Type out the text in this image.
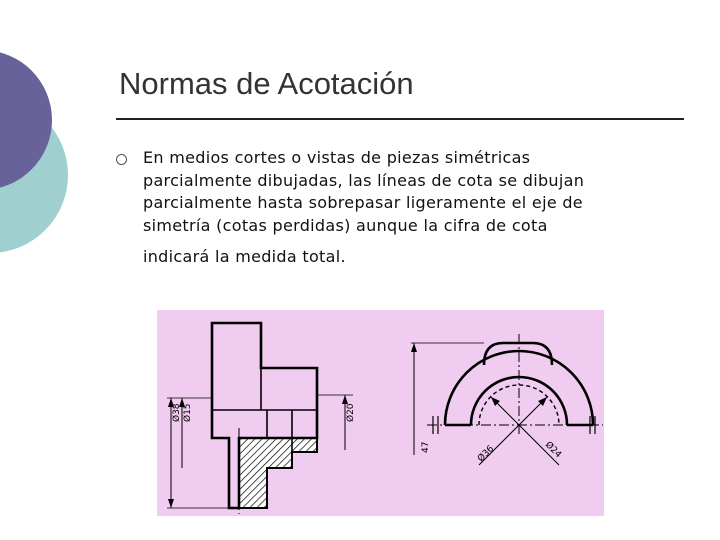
Normas de Acotación

En medios cortes o vistas de piezas simétricas
parcialmente dibujadas, las líneas de cota se dibujan
parcialmente hasta sobrepasar ligeramente el eje de
simetría (cotas perdidas) aunque la cifra de cota
indicará la medida total.

Ø38 Ø15	Ø20
47	Ø36	Ø24
